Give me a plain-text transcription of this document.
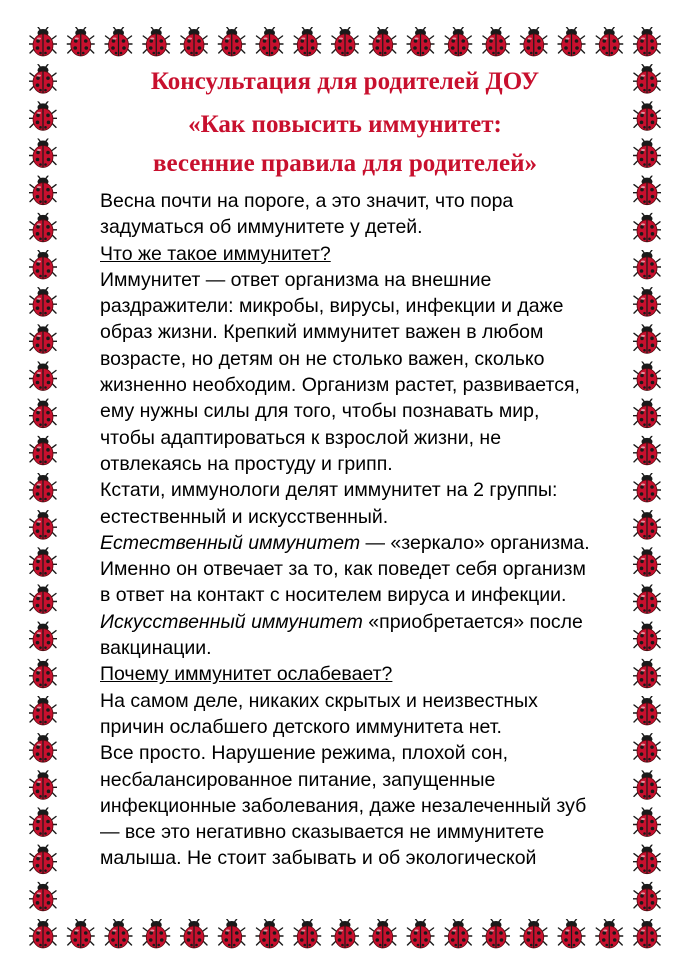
Консультация для родителей ДОУ
«Как повысить иммунитет:
весенние правила для родителей»

Весна почти на пороге, а это значит, что пора

задуматься об иммунитете у детей.

Что же такое иммунитет?

Иммунитет — ответ организма на внешние

раздражители: микробы, вирусы, инфекции и даже

образ жизни. Крепкий иммунитет важен в любом

возрасте, но детям он не столько важен, сколько

жизненно необходим. Организм растет, развивается,

ему нужны силы для того, чтобы познавать мир,

чтобы адаптироваться к взрослой жизни, не

отвлекаясь на простуду и грипп.

Кстати, иммунологи делят иммунитет на 2 группы:

естественный и искусственный.

Естественный иммунитет — «зеркало» организма.

Именно он отвечает за то, как поведет себя организм

в ответ на контакт с носителем вируса и инфекции.

Искусственный иммунитет «приобретается» после

вакцинации.

Почему иммунитет ослабевает?

На самом деле, никаких скрытых и неизвестных

причин ослабшего детского иммунитета нет.

Все просто. Нарушение режима, плохой сон,

несбалансированное питание, запущенные

инфекционные заболевания, даже незалеченный зуб

— все это негативно сказывается не иммунитете

малыша. Не стоит забывать и об экологической
